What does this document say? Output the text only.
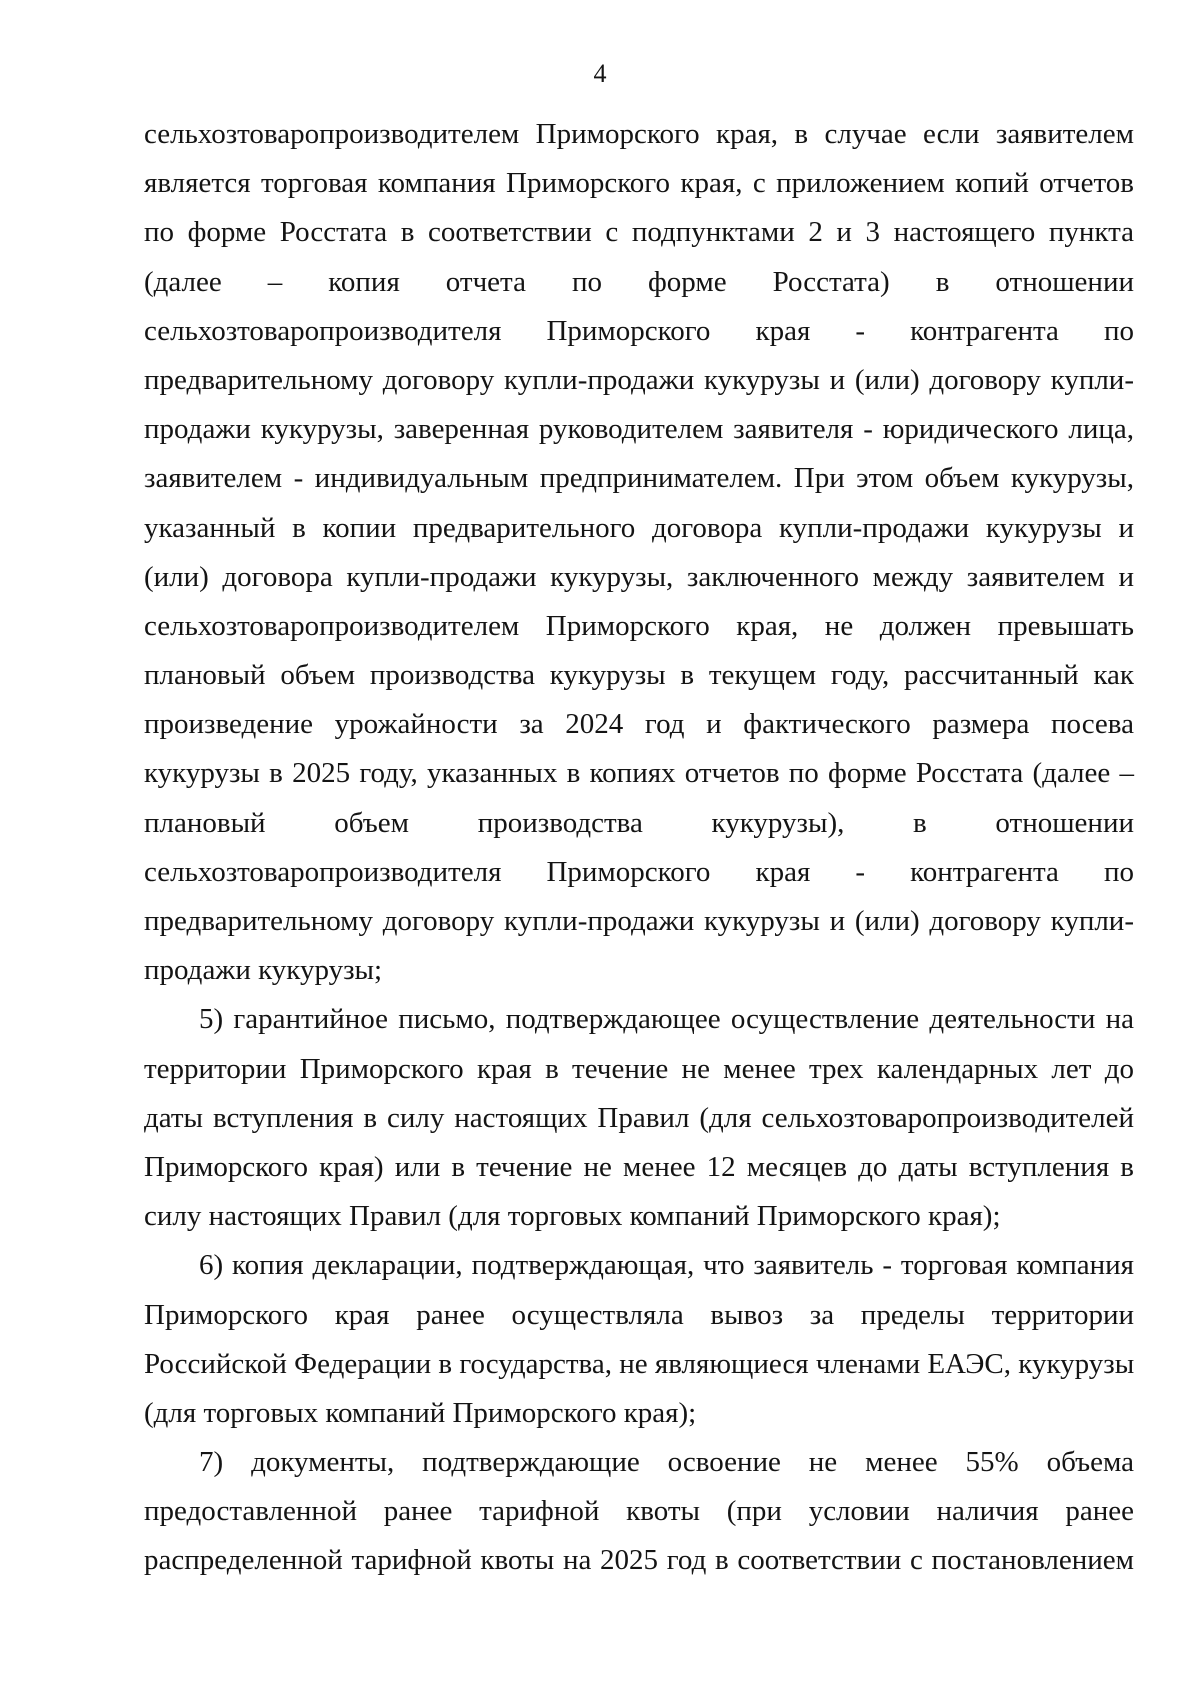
4
сельхозтоваропроизводителем Приморского края, в случае если заявителем
является торговая компания Приморского края, с приложением копий отчетов
по форме Росстата в соответствии с подпунктами 2 и 3 настоящего пункта
(далее – копия отчета по форме Росстата) в отношении
сельхозтоваропроизводителя Приморского края - контрагента по
предварительному договору купли-продажи кукурузы и (или) договору купли-
продажи кукурузы, заверенная руководителем заявителя - юридического лица,
заявителем - индивидуальным предпринимателем. При этом объем кукурузы,
указанный в копии предварительного договора купли-продажи кукурузы и
(или) договора купли-продажи кукурузы, заключенного между заявителем и
сельхозтоваропроизводителем Приморского края, не должен превышать
плановый объем производства кукурузы в текущем году, рассчитанный как
произведение урожайности за 2024 год и фактического размера посева
кукурузы в 2025 году, указанных в копиях отчетов по форме Росстата (далее –
плановый объем производства кукурузы), в отношении
сельхозтоваропроизводителя Приморского края - контрагента по
предварительному договору купли-продажи кукурузы и (или) договору купли-
продажи кукурузы;
5) гарантийное письмо, подтверждающее осуществление деятельности на
территории Приморского края в течение не менее трех календарных лет до
даты вступления в силу настоящих Правил (для сельхозтоваропроизводителей
Приморского края) или в течение не менее 12 месяцев до даты вступления в
силу настоящих Правил (для торговых компаний Приморского края);
6) копия декларации, подтверждающая, что заявитель - торговая компания
Приморского края ранее осуществляла вывоз за пределы территории
Российской Федерации в государства, не являющиеся членами ЕАЭС, кукурузы
(для торговых компаний Приморского края);
7) документы, подтверждающие освоение не менее 55% объема
предоставленной ранее тарифной квоты (при условии наличия ранее
распределенной тарифной квоты на 2025 год в соответствии с постановлением
